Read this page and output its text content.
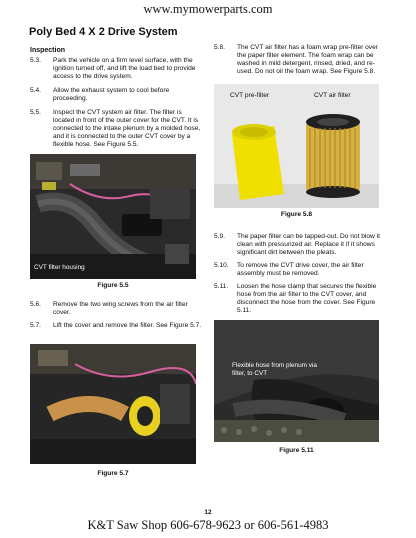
www.mymowerparts.com
Poly Bed 4 X 2 Drive System
Inspection
5.3. Park the vehicle on a firm level surface, with the ignition turned off, and lift the load bed to provide access to the drive system.
5.4. Allow the exhaust system to cool before proceeding.
5.5. Inspect the CVT system air filter. The filter is located in front of the outer cover for the CVT. It is connected to the intake plenum by a molded hose, and it is connected to the outer CVT cover by a flexible hose. See Figure 5.5.
CVT filter housing
Figure 5.5
5.6. Remove the two wing screws from the air filter cover.
5.7. Lift the cover and remove the filter. See Figure 5.7.
Figure 5.7
5.8. The CVT air filter has a foam wrap pre-filter over the paper filter element. The foam wrap can be washed in mild detergent, rinsed, dried, and re-used. Do not oil the foam wrap. See Figure 5.8.
CVT pre-filter	CVT air filter
Figure 5.8
5.9. The paper filter can be tapped-out. Do not blow it clean with pressurized air. Replace it if it shows significant dirt between the pleats.
5.10. To remove the CVT drive cover, the air filter assembly must be removed.
5.11. Loosen the hose clamp that secures the flexible hose from the air filter to the CVT cover, and disconnect the hose from the cover. See Figure 5.11.
Flexible hose from plenum via filter, to CVT
Figure 5.11
12
K&T Saw Shop 606-678-9623 or 606-561-4983
